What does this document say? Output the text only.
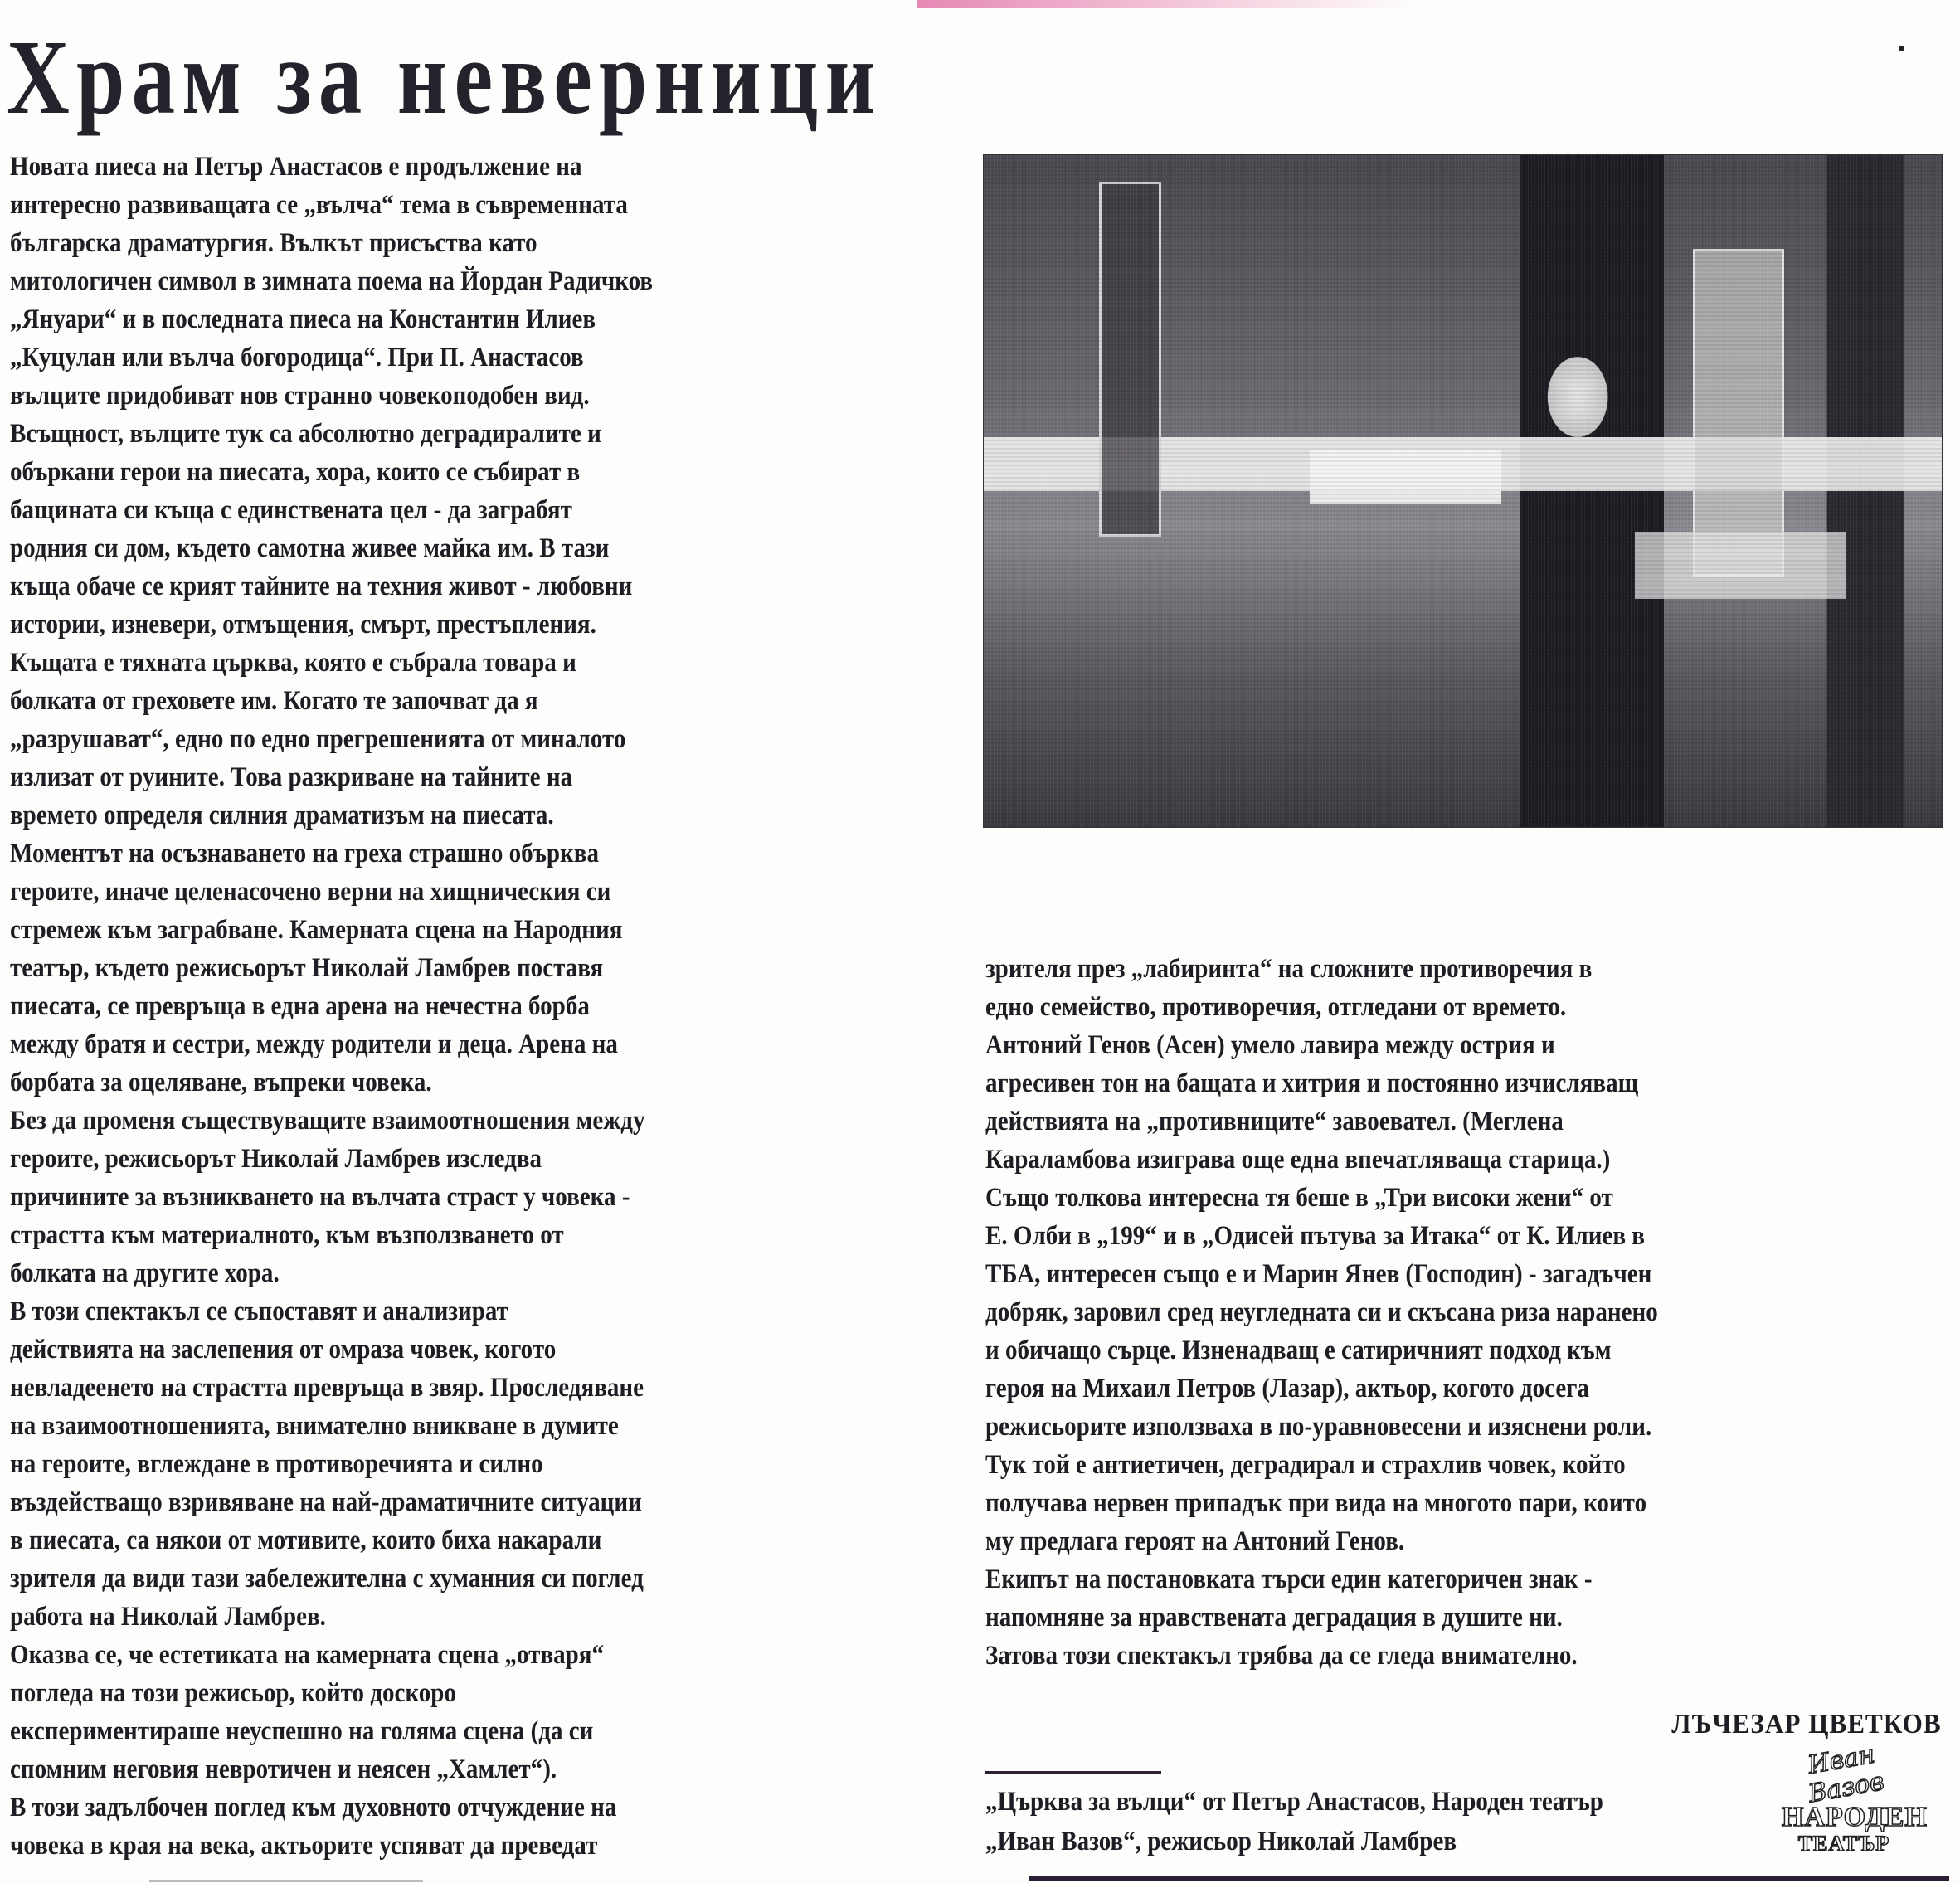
Храм за неверници

Новата пиеса на Петър Анастасов е продължение на

интересно развиващата се „вълча“ тема в съвременната

българска драматургия. Вълкът присъства като

митологичен символ в зимната поема на Йордан Радичков

„Януари“ и в последната пиеса на Константин Илиев

„Куцулан или вълча богородица“. При П. Анастасов

вълците придобиват нов странно човекоподобен вид.

Всъщност, вълците тук са абсолютно деградиралите и

объркани герои на пиесата, хора, които се събират в

бащината си къща с единствената цел - да заграбят

родния си дом, където самотна живее майка им. В тази

къща обаче се крият тайните на техния живот - любовни

истории, изневери, отмъщения, смърт, престъпления.

Къщата е тяхната църква, която е събрала товара и

болката от греховете им. Когато те започват да я

„разрушават“, едно по едно прегрешенията от миналото

излизат от руините. Това разкриване на тайните на

времето определя силния драматизъм на пиесата.

Моментът на осъзнаването на греха страшно обърква

героите, иначе целенасочено верни на хищническия си

стремеж към заграбване. Камерната сцена на Народния

театър, където режисьорът Николай Ламбрев поставя

пиесата, се превръща в една арена на нечестна борба

между братя и сестри, между родители и деца. Арена на

борбата за оцеляване, въпреки човека.

Без да променя съществуващите взаимоотношения между

героите, режисьорът Николай Ламбрев изследва

причините за възникването на вълчата страст у човека -

страстта към материалното, към възползването от

болката на другите хора.

В този спектакъл се съпоставят и анализират

действията на заслепения от омраза човек, когото

невладеенето на страстта превръща в звяр. Проследяване

на взаимоотношенията, внимателно вникване в думите

на героите, вглеждане в противоречията и силно

въздействащо взривяване на най-драматичните ситуации

в пиесата, са някои от мотивите, които биха накарали

зрителя да види тази забележителна с хуманния си поглед

работа на Николай Ламбрев.

Оказва се, че естетиката на камерната сцена „отваря“

погледа на този режисьор, който доскоро

експериментираше неуспешно на голяма сцена (да си

спомним неговия невротичен и неясен „Хамлет“).

В този задълбочен поглед към духовното отчуждение на

човека в края на века, актьорите успяват да преведат

зрителя през „лабиринта“ на сложните противоречия в

едно семейство, противоречия, отгледани от времето.

Антоний Генов (Асен) умело лавира между острия и

агресивен тон на бащата и хитрия и постоянно изчисляващ

действията на „противниците“ завоевател. (Меглена

Караламбова изиграва още една впечатляваща старица.)

Също толкова интересна тя беше в „Три високи жени“ от

Е. Олби в „199“ и в „Одисей пътува за Итака“ от К. Илиев в

ТБА, интересен също е и Марин Янев (Господин) - загадъчен

добряк, заровил сред неугледната си и скъсана риза наранено

и обичащо сърце. Изненадващ е сатиричният подход към

героя на Михаил Петров (Лазар), актьор, когото досега

режисьорите използваха в по-уравновесени и изяснени роли.

Тук той е антиетичен, деградирал и страхлив човек, който

получава нервен припадък при вида на многото пари, които

му предлага героят на Антоний Генов.

Екипът на постановката търси един категоричен знак -

напомняне за нравствената деградация в душите ни.

Затова този спектакъл трябва да се гледа внимателно.

ЛЪЧЕЗАР ЦВЕТКОВ

„Църква за вълци“ от Петър Анастасов, Народен театър

„Иван Вазов“, режисьор Николай Ламбрев

Иван Вазов
НАРОДЕН
ТЕАТЪР
